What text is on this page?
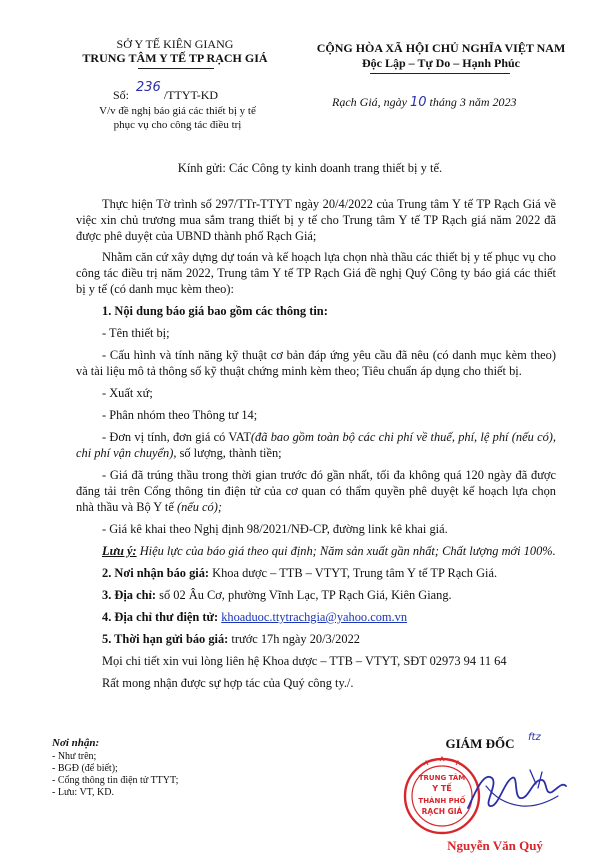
SỞ Y TẾ KIÊN GIANG
TRUNG TÂM Y TẾ TP RẠCH GIÁ
Số: 236 /TTYT-KD
V/v đề nghị báo giá các thiết bị y tế
phục vụ cho công tác điều trị
CỘNG HÒA XÃ HỘI CHỦ NGHĨA VIỆT NAM
Độc Lập – Tự Do – Hạnh Phúc
Rạch Giá, ngày 10 tháng 3 năm 2023
Kính gửi: Các Công ty kinh doanh trang thiết bị y tế.

Thực hiện Tờ trình số 297/TTr-TTYT ngày 20/4/2022 của Trung tâm Y tế TP Rạch Giá về việc xin chủ trương mua sắm trang thiết bị y tế cho Trung tâm Y tế TP Rạch giá năm 2022 đã được phê duyệt của UBND thành phố Rạch Giá;

Nhằm căn cứ xây dựng dự toán và kế hoạch lựa chọn nhà thầu các thiết bị y tế phục vụ cho công tác điều trị năm 2022, Trung tâm Y tế TP Rạch Giá đề nghị Quý Công ty báo giá các thiết bị y tế (có danh mục kèm theo):

1. Nội dung báo giá bao gồm các thông tin:

- Tên thiết bị;

- Cấu hình và tính năng kỹ thuật cơ bản đáp ứng yêu cầu đã nêu (có danh mục kèm theo) và tài liệu mô tả thông số kỹ thuật chứng minh kèm theo; Tiêu chuẩn áp dụng cho thiết bị.

- Xuất xứ;

- Phân nhóm theo Thông tư 14;

- Đơn vị tính, đơn giá có VAT(đã bao gồm toàn bộ các chi phí về thuế, phí, lệ phí (nếu có), chi phí vận chuyển), số lượng, thành tiền;

- Giá đã trúng thầu trong thời gian trước đó gần nhất, tối đa không quá 120 ngày đã được đăng tải trên Cổng thông tin điện tử của cơ quan có thẩm quyền phê duyệt kế hoạch lựa chọn nhà thầu và Bộ Y tế (nếu có);

- Giá kê khai theo Nghị định 98/2021/NĐ-CP, đường link kê khai giá.

Lưu ý: Hiệu lực của báo giá theo qui định; Năm sản xuất gần nhất; Chất lượng mới 100%.

2. Nơi nhận báo giá: Khoa dược – TTB – VTYT, Trung tâm Y tế TP Rạch Giá.

3. Địa chỉ: số 02 Âu Cơ, phường Vĩnh Lạc, TP Rạch Giá, Kiên Giang.

4. Địa chỉ thư điện tử: khoaduoc.ttytrachgia@yahoo.com.vn

5. Thời hạn gửi báo giá: trước 17h ngày 20/3/2022

Mọi chi tiết xin vui lòng liên hệ Khoa dược – TTB – VTYT, SĐT 02973 94 11 64

Rất mong nhận được sự hợp tác của Quý công ty./.

Nơi nhận:
- Như trên;
- BGĐ (để biết);
- Cổng thông tin điện tử TTYT;
- Lưu: VT, KD.
GIÁM ĐỐC	ftz
TRUNG TÂM
Y TẾ
THÀNH PHỐ
RẠCH GIÁ
Nguyễn Văn Quý
